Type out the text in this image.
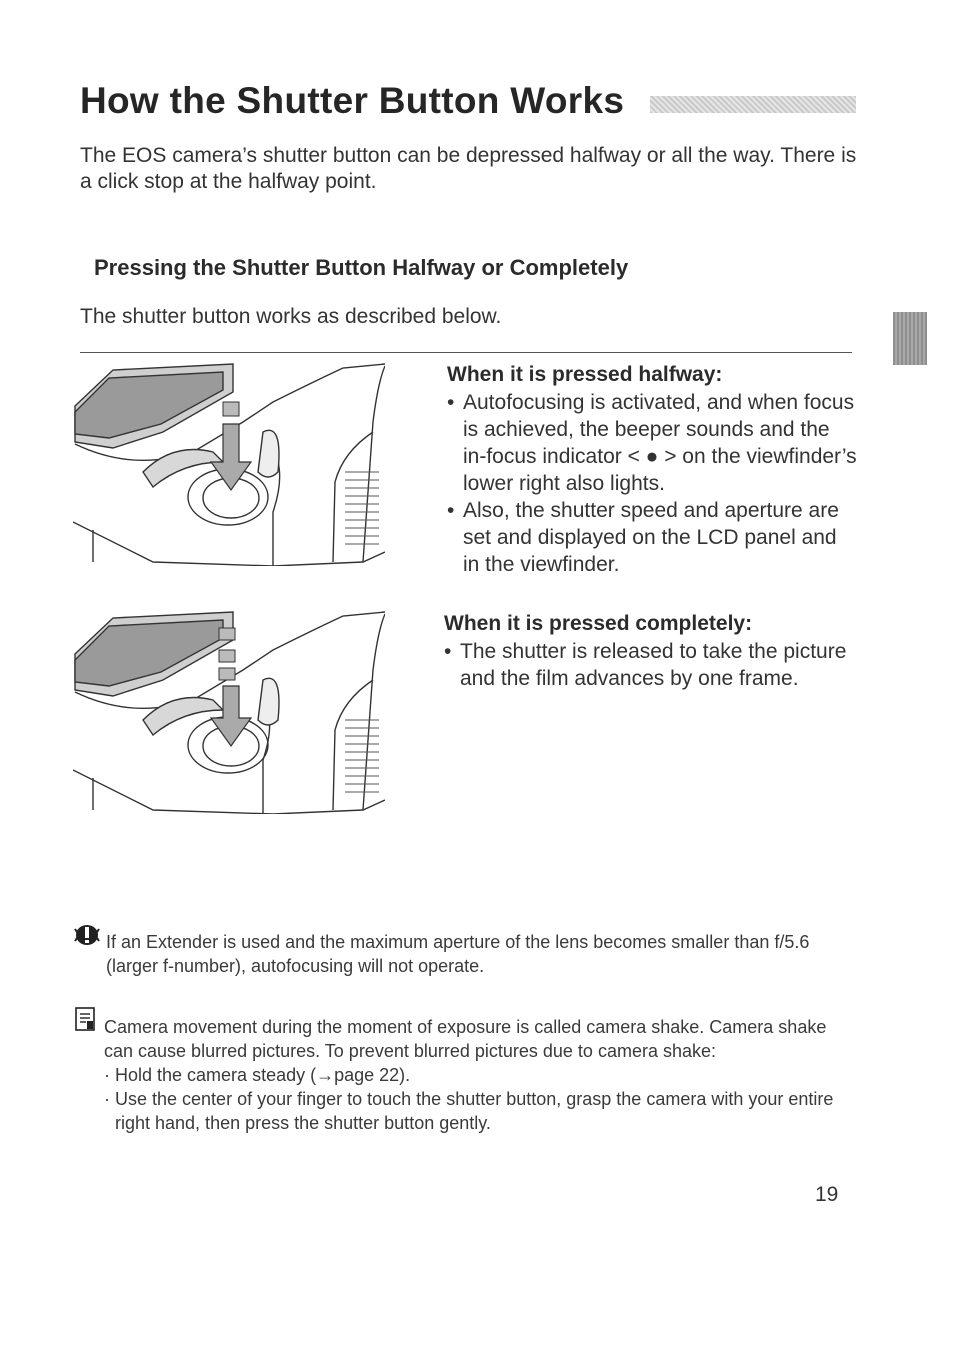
How the Shutter Button Works
The EOS camera’s shutter button can be depressed halfway or all the way. There is a click stop at the halfway point.
Pressing the Shutter Button Halfway or Completely
The shutter button works as described below.
When it is pressed halfway:
• Autofocusing is activated, and when focus is achieved, the beeper sounds and the in-focus indicator < ● > on the viewfinder’s lower right also lights.
• Also, the shutter speed and aperture are set and displayed on the LCD panel and in the viewfinder.
When it is pressed completely:
• The shutter is released to take the picture and the film advances by one frame.
If an Extender is used and the maximum aperture of the lens becomes smaller than f/5.6 (larger f-number), autofocusing will not operate.
Camera movement during the moment of exposure is called camera shake. Camera shake can cause blurred pictures. To prevent blurred pictures due to camera shake:
· Hold the camera steady (→page 22).
· Use the center of your finger to touch the shutter button, grasp the camera with your entire right hand, then press the shutter button gently.
19
